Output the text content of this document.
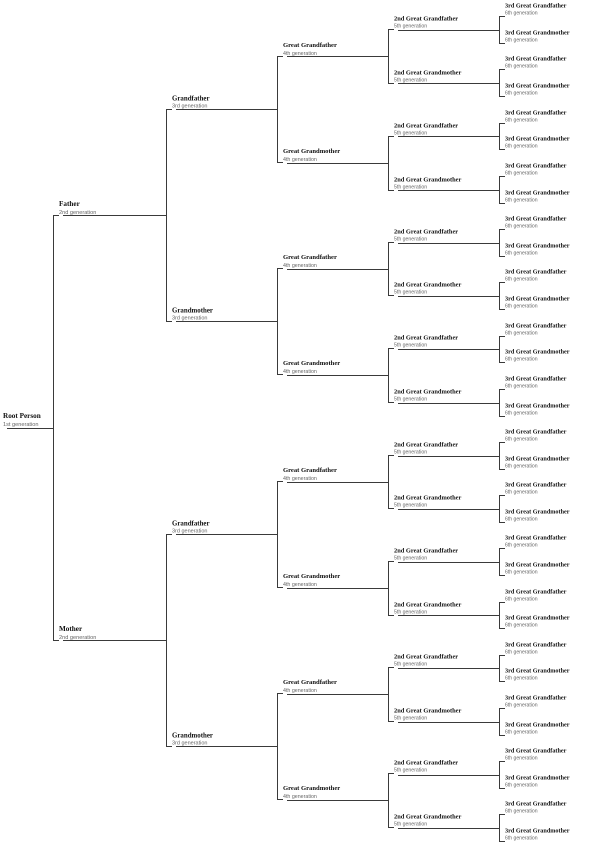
Root Person
1st generation
Father
2nd generation
Mother
2nd generation
Grandfather
3rd generation
Grandmother
3rd generation
Grandfather
3rd generation
Grandmother
3rd generation
Great Grandfather
4th generation
Great Grandmother
4th generation
Great Grandfather
4th generation
Great Grandmother
4th generation
Great Grandfather
4th generation
Great Grandmother
4th generation
Great Grandfather
4th generation
Great Grandmother
4th generation
2nd Great Grandfather
5th generation
2nd Great Grandmother
5th generation
2nd Great Grandfather
5th generation
2nd Great Grandmother
5th generation
2nd Great Grandfather
5th generation
2nd Great Grandmother
5th generation
2nd Great Grandfather
5th generation
2nd Great Grandmother
5th generation
2nd Great Grandfather
5th generation
2nd Great Grandmother
5th generation
2nd Great Grandfather
5th generation
2nd Great Grandmother
5th generation
2nd Great Grandfather
5th generation
2nd Great Grandmother
5th generation
2nd Great Grandfather
5th generation
2nd Great Grandmother
5th generation
3rd Great Grandfather
6th generation
3rd Great Grandmother
6th generation
3rd Great Grandfather
6th generation
3rd Great Grandmother
6th generation
3rd Great Grandfather
6th generation
3rd Great Grandmother
6th generation
3rd Great Grandfather
6th generation
3rd Great Grandmother
6th generation
3rd Great Grandfather
6th generation
3rd Great Grandmother
6th generation
3rd Great Grandfather
6th generation
3rd Great Grandmother
6th generation
3rd Great Grandfather
6th generation
3rd Great Grandmother
6th generation
3rd Great Grandfather
6th generation
3rd Great Grandmother
6th generation
3rd Great Grandfather
6th generation
3rd Great Grandmother
6th generation
3rd Great Grandfather
6th generation
3rd Great Grandmother
6th generation
3rd Great Grandfather
6th generation
3rd Great Grandmother
6th generation
3rd Great Grandfather
6th generation
3rd Great Grandmother
6th generation
3rd Great Grandfather
6th generation
3rd Great Grandmother
6th generation
3rd Great Grandfather
6th generation
3rd Great Grandmother
6th generation
3rd Great Grandfather
6th generation
3rd Great Grandmother
6th generation
3rd Great Grandfather
6th generation
3rd Great Grandmother
6th generation
